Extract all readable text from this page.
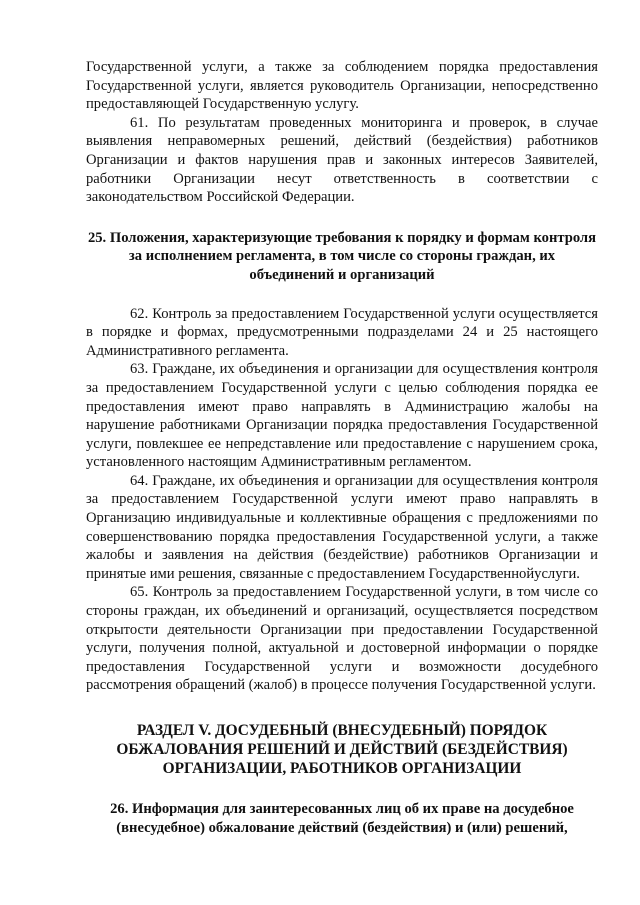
Государственной услуги, а также за соблюдением порядка предоставления Государственной услуги, является руководитель Организации, непосредственно предоставляющей Государственную услугу.

61. По результатам проведенных мониторинга и проверок, в случае выявления неправомерных решений, действий (бездействия) работников Организации и фактов нарушения прав и законных интересов Заявителей, работники Организации несут ответственность в соответствии с законодательством Российской Федерации.

25. Положения, характеризующие требования к порядку и формам контроля за исполнением регламента, в том числе со стороны граждан, их объединений и организаций

62. Контроль за предоставлением Государственной услуги осуществляется в порядке и формах, предусмотренными подразделами 24 и 25 настоящего Административного регламента.

63. Граждане, их объединения и организации для осуществления контроля за предоставлением Государственной услуги с целью соблюдения порядка ее предоставления имеют право направлять в Администрацию жалобы на нарушение работниками Организации порядка предоставления Государственной услуги, повлекшее ее непредставление или предоставление с нарушением срока, установленного настоящим Административным регламентом.

64. Граждане, их объединения и организации для осуществления контроля за предоставлением Государственной услуги имеют право направлять в Организацию индивидуальные и коллективные обращения с предложениями по совершенствованию порядка предоставления Государственной услуги, а также жалобы и заявления на действия (бездействие) работников Организации и принятые ими решения, связанные с предоставлением Государственнойуслуги.

65. Контроль за предоставлением Государственной услуги, в том числе со стороны граждан, их объединений и организаций, осуществляется посредством открытости деятельности Организации при предоставлении Государственной услуги, получения полной, актуальной и достоверной информации о порядке предоставления Государственной услуги и возможности досудебного рассмотрения обращений (жалоб) в процессе получения Государственной услуги.

РАЗДЕЛ V. ДОСУДЕБНЫЙ (ВНЕСУДЕБНЫЙ) ПОРЯДОК ОБЖАЛОВАНИЯ РЕШЕНИЙ И ДЕЙСТВИЙ (БЕЗДЕЙСТВИЯ) ОРГАНИЗАЦИИ, РАБОТНИКОВ ОРГАНИЗАЦИИ

26. Информация для заинтересованных лиц об их праве на досудебное (внесудебное) обжалование действий (бездействия) и (или) решений,
